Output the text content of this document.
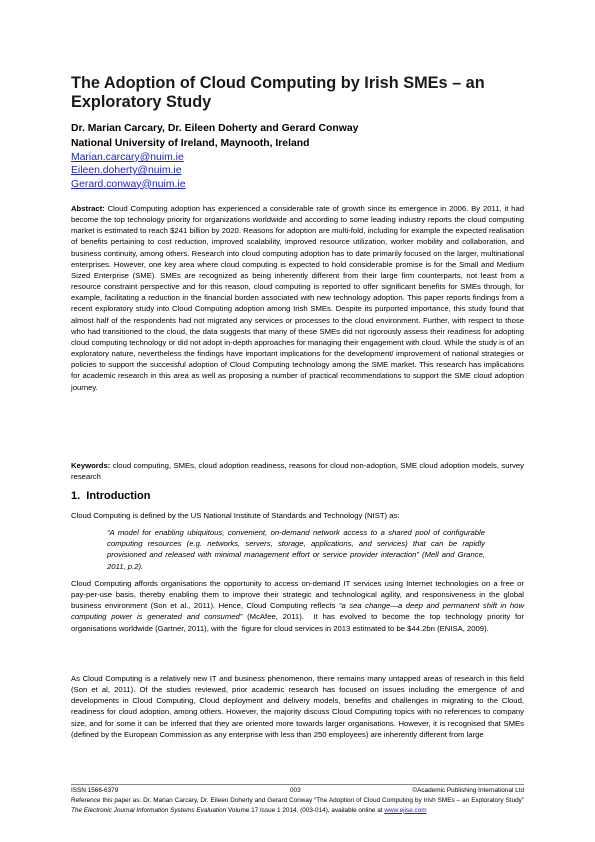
The Adoption of Cloud Computing by Irish SMEs – an Exploratory Study
Dr. Marian Carcary, Dr. Eileen Doherty and Gerard Conway
National University of Ireland, Maynooth, Ireland
Marian.carcary@nuim.ie
Eileen.doherty@nuim.ie
Gerard.conway@nuim.ie

Abstract: Cloud Computing adoption has experienced a considerable rate of growth since its emergence in 2006. By 2011, it had become the top technology priority for organizations worldwide and according to some leading industry reports the cloud computing market is estimated to reach $241 billion by 2020. Reasons for adoption are multi-fold, including for example the expected realisation of benefits pertaining to cost reduction, improved scalability, improved resource utilization, worker mobility and collaboration, and business continuity, among others. Research into cloud computing adoption has to date primarily focused on the larger, multinational enterprises. However, one key area where cloud computing is expected to hold considerable promise is for the Small and Medium Sized Enterprise (SME). SMEs are recognized as being inherently different from their large firm counterparts, not least from a resource constraint perspective and for this reason, cloud computing is reported to offer significant benefits for SMEs through, for example, facilitating a reduction in the financial burden associated with new technology adoption. This paper reports findings from a recent exploratory study into Cloud Computing adoption among Irish SMEs. Despite its purported importance, this study found that almost half of the respondents had not migrated any services or processes to the cloud environment. Further, with respect to those who had transitioned to the cloud, the data suggests that many of these SMEs did not rigorously assess their readiness for adopting cloud computing technology or did not adopt in-depth approaches for managing their engagement with cloud. While the study is of an exploratory nature, nevertheless the findings have important implications for the development/ improvement of national strategies or policies to support the successful adoption of Cloud Computing technology among the SME market. This research has implications for academic research in this area as well as proposing a number of practical recommendations to support the SME cloud adoption journey.

Keywords: cloud computing, SMEs, cloud adoption readiness, reasons for cloud non-adoption, SME cloud adoption models, survey research

1.  Introduction

Cloud Computing is defined by the US National Institute of Standards and Technology (NIST) as:

“A model for enabling ubiquitous, convenient, on-demand network access to a shared pool of configurable computing resources (e.g. networks, servers, storage, applications, and services) that can be rapidly provisioned and released with minimal management effort or service provider interaction” (Mell and Grance, 2011, p.2).

Cloud Computing affords organisations the opportunity to access on-demand IT services using Internet technologies on a free or pay-per-use basis, thereby enabling them to improve their strategic and technological agility, and responsiveness in the global business environment (Son et al., 2011). Hence, Cloud Computing reflects “a sea change—a deep and permanent shift in how computing power is generated and consumed” (McAfee, 2011).  It has evolved to become the top technology priority for organisations worldwide (Gartner, 2011), with the  figure for cloud services in 2013 estimated to be $44.2bn (ENISA, 2009).

As Cloud Computing is a relatively new IT and business phenomenon, there remains many untapped areas of research in this field (Son et al, 2011). Of the studies reviewed, prior academic research has focused on issues including the emergence of and developments in Cloud Computing, Cloud deployment and delivery models, benefits and challenges in migrating to the Cloud, readiness for cloud adoption, among others. However, the majority discuss Cloud Computing topics with no references to company size, and for some it can be inferred that they are oriented more towards larger organisations. However, it is recognised that SMEs (defined by the European Commission as any enterprise with less than 250 employees) are inherently different from large

ISSN 1566-6379	003	©Academic Publishing International Ltd

Reference this paper as: Dr. Marian Carcary, Dr. Eileen Doherty and Gerard Conway “The Adoption of Cloud Computing by Irish SMEs – an Exploratory Study” The Electronic Journal Information Systems Evaluation Volume 17 Issue 1 2014, (003-014), available online at www.ejise.com
